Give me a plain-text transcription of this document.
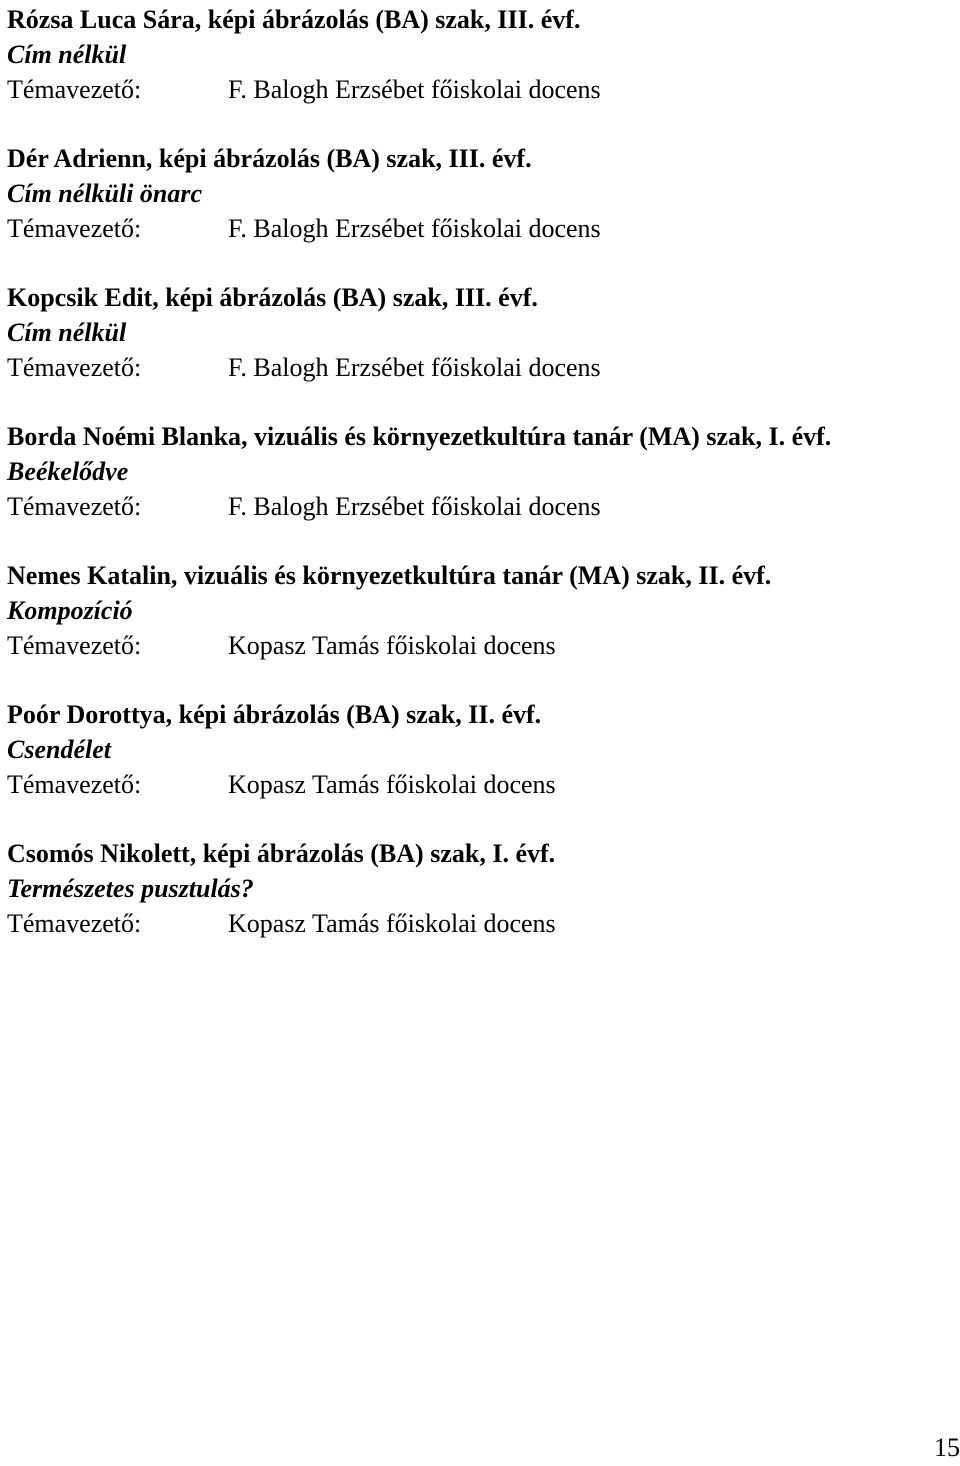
Rózsa Luca Sára, képi ábrázolás (BA) szak, III. évf.
Cím nélkül
Témavezető:	F. Balogh Erzsébet főiskolai docens
Dér Adrienn, képi ábrázolás (BA) szak, III. évf.
Cím nélküli önarc
Témavezető:	F. Balogh Erzsébet főiskolai docens
Kopcsik Edit, képi ábrázolás (BA) szak, III. évf.
Cím nélkül
Témavezető:	F. Balogh Erzsébet főiskolai docens
Borda Noémi Blanka, vizuális és környezetkultúra tanár (MA) szak, I. évf.
Beékelődve
Témavezető:	F. Balogh Erzsébet főiskolai docens
Nemes Katalin, vizuális és környezetkultúra tanár (MA) szak, II. évf.
Kompozíció
Témavezető:	Kopasz Tamás főiskolai docens
Poór Dorottya, képi ábrázolás (BA) szak, II. évf.
Csendélet
Témavezető:	Kopasz Tamás főiskolai docens
Csomós Nikolett, képi ábrázolás (BA) szak, I. évf.
Természetes pusztulás?
Témavezető:	Kopasz Tamás főiskolai docens
15
